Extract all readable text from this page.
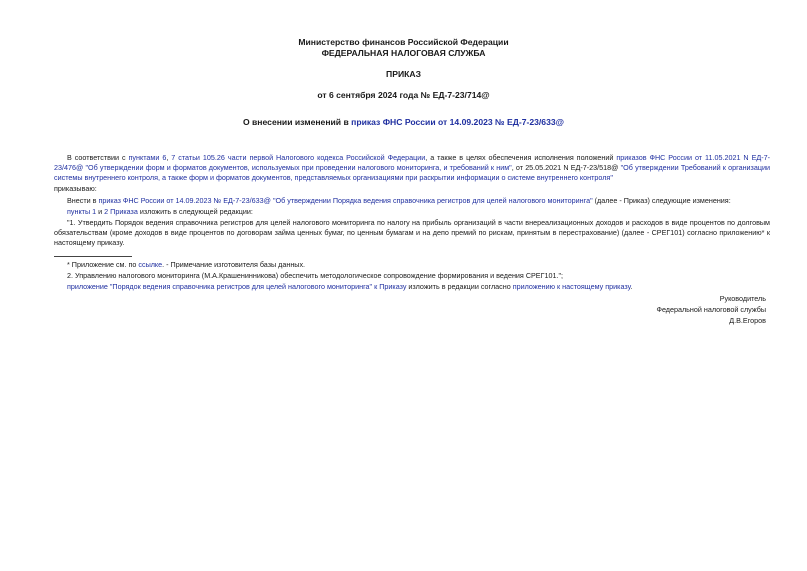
Министерство финансов Российской Федерации
ФЕДЕРАЛЬНАЯ НАЛОГОВАЯ СЛУЖБА
ПРИКАЗ
от 6 сентября 2024 года № ЕД-7-23/714@
О внесении изменений в приказ ФНС России от 14.09.2023 № ЕД-7-23/633@
В соответствии с пунктами 6, 7 статьи 105.26 части первой Налогового кодекса Российской Федерации, а также в целях обеспечения исполнения положений приказов ФНС России от 11.05.2021 N ЕД-7-23/476@ "Об утверждении форм и форматов документов, используемых при проведении налогового мониторинга, и требований к ним", от 25.05.2021 N ЕД-7-23/518@ "Об утверждении Требований к организации системы внутреннего контроля, а также форм и форматов документов, представляемых организациями при раскрытии информации о системе внутреннего контроля"
приказываю:
Внести в приказ ФНС России от 14.09.2023 № ЕД-7-23/633@ "Об утверждении Порядка ведения справочника регистров для целей налогового мониторинга" (далее - Приказ) следующие изменения:
пункты 1 и 2 Приказа изложить в следующей редакции:
"1. Утвердить Порядок ведения справочника регистров для целей налогового мониторинга по налогу на прибыль организаций в части внереализационных доходов и расходов в виде процентов по долговым обязательствам (кроме доходов в виде процентов по договорам займа ценных бумаг, по ценным бумагам и на депо премий по рискам, принятым в перестрахование) (далее - СРЕГ101) согласно приложению* к настоящему приказу.
* Приложение см. по ссылке. - Примечание изготовителя базы данных.
2. Управлению налогового мониторинга (М.А.Крашенинникова) обеспечить методологическое сопровождение формирования и ведения СРЕГ101.";
приложение "Порядок ведения справочника регистров для целей налогового мониторинга" к Приказу изложить в редакции согласно приложению к настоящему приказу.
Руководитель
Федеральной налоговой службы
Д.В.Егоров
